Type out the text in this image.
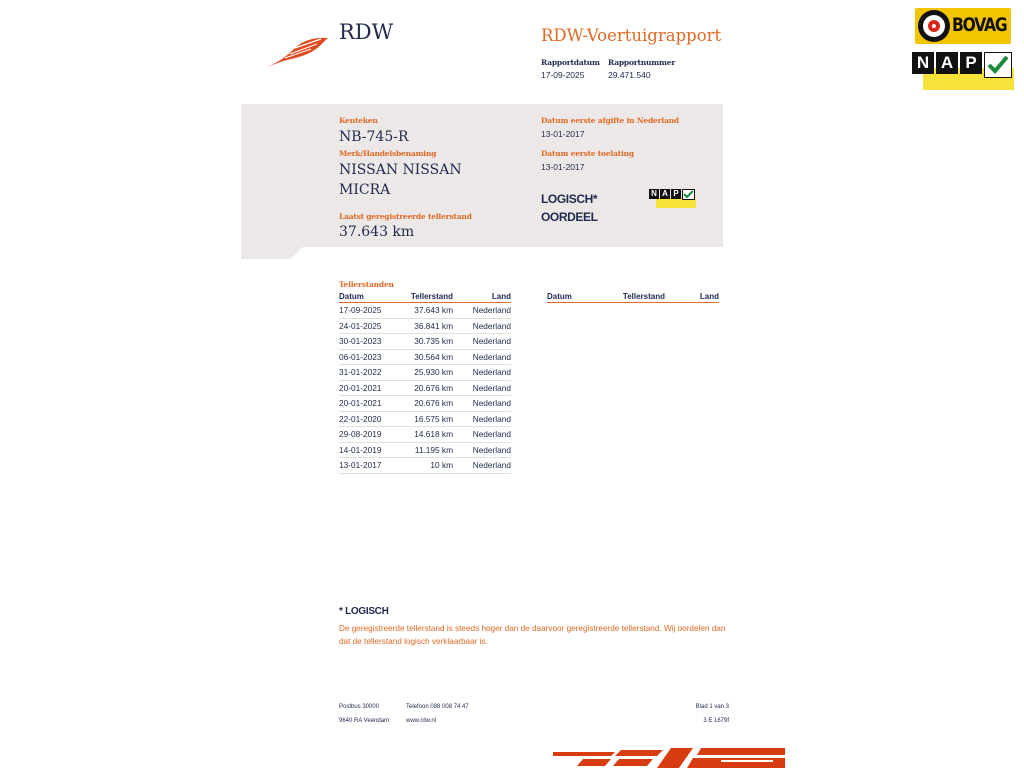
RDW	RDW-Voertuigrapport
Rapportdatum
17-09-2025
Rapportnummer
29.471.540
BOVAG
N A P
Kenteken
NB-745-R
Merk/Handelsbenaming
NISSAN NISSAN
MICRA
Laatst geregistreerde tellerstand
37.643 km
Datum eerste afgifte in Nederland
13-01-2017
Datum eerste toelating
13-01-2017
LOGISCH*
OORDEEL
N A P
Tellerstanden
Datum	Tellerstand	Land
17-09-2025	37.643 km	Nederland
24-01-2025	36.841 km	Nederland
30-01-2023	30.735 km	Nederland
06-01-2023	30.564 km	Nederland
31-01-2022	25.930 km	Nederland
20-01-2021	20.676 km	Nederland
20-01-2021	20.676 km	Nederland
22-01-2020	16.575 km	Nederland
29-08-2019	14.618 km	Nederland
14-01-2019	11.195 km	Nederland
13-01-2017	10 km	Nederland
Datum	Tellerstand	Land
* LOGISCH
De geregistreerde tellerstand is steeds hoger dan de daarvoor geregistreerde tellerstand. Wij oordelen dan dat de tellerstand logisch verklaarbaar is.
Postbus 30000
9640 RA Veendam
Telefoon 088 008 74 47
www.rdw.nl
Blad 1 van 3
3 E 1679f
